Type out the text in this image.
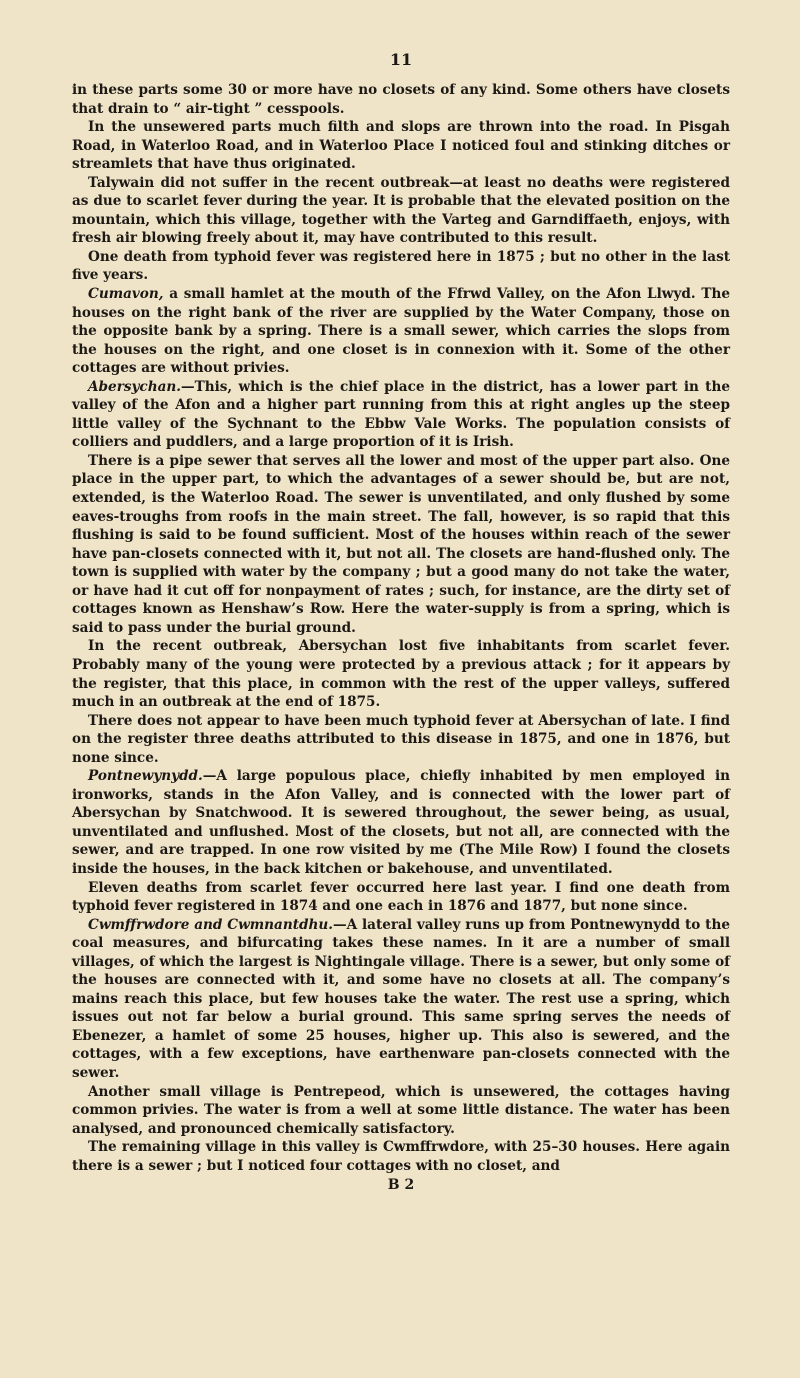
11

in these parts some 30 or more have no closets of any kind. Some others have closets that drain to “ air-tight ” cesspools.

In the unsewered parts much filth and slops are thrown into the road. In Pisgah Road, in Waterloo Road, and in Waterloo Place I noticed foul and stinking ditches or streamlets that have thus originated.

Talywain did not suffer in the recent outbreak—at least no deaths were registered as due to scarlet fever during the year. It is probable that the elevated position on the mountain, which this village, together with the Varteg and Garndiffaeth, enjoys, with fresh air blowing freely about it, may have contributed to this result.

One death from typhoid fever was registered here in 1875 ; but no other in the last five years.

Cumavon, a small hamlet at the mouth of the Ffrwd Valley, on the Afon Llwyd. The houses on the right bank of the river are supplied by the Water Company, those on the opposite bank by a spring. There is a small sewer, which carries the slops from the houses on the right, and one closet is in connexion with it. Some of the other cottages are without privies.

Abersychan.—This, which is the chief place in the district, has a lower part in the valley of the Afon and a higher part running from this at right angles up the steep little valley of the Sychnant to the Ebbw Vale Works. The population consists of colliers and puddlers, and a large proportion of it is Irish.

There is a pipe sewer that serves all the lower and most of the upper part also. One place in the upper part, to which the advantages of a sewer should be, but are not, extended, is the Waterloo Road. The sewer is unventilated, and only flushed by some eaves-troughs from roofs in the main street. The fall, however, is so rapid that this flushing is said to be found sufficient. Most of the houses within reach of the sewer have pan-closets connected with it, but not all. The closets are hand-flushed only. The town is supplied with water by the company ; but a good many do not take the water, or have had it cut off for nonpayment of rates ; such, for instance, are the dirty set of cottages known as Henshaw’s Row. Here the water-supply is from a spring, which is said to pass under the burial ground.

In the recent outbreak, Abersychan lost five inhabitants from scarlet fever. Probably many of the young were protected by a previous attack ; for it appears by the register, that this place, in common with the rest of the upper valleys, suffered much in an outbreak at the end of 1875.

There does not appear to have been much typhoid fever at Abersychan of late. I find on the register three deaths attributed to this disease in 1875, and one in 1876, but none since.

Pontnewynydd.—A large populous place, chiefly inhabited by men employed in ironworks, stands in the Afon Valley, and is connected with the lower part of Abersychan by Snatchwood. It is sewered throughout, the sewer being, as usual, unventilated and unflushed. Most of the closets, but not all, are connected with the sewer, and are trapped. In one row visited by me (The Mile Row) I found the closets inside the houses, in the back kitchen or bakehouse, and unventilated.

Eleven deaths from scarlet fever occurred here last year. I find one death from typhoid fever registered in 1874 and one each in 1876 and 1877, but none since.

Cwmffrwdore and Cwmnantdhu.—A lateral valley runs up from Pontnewynydd to the coal measures, and bifurcating takes these names. In it are a number of small villages, of which the largest is Nightingale village. There is a sewer, but only some of the houses are connected with it, and some have no closets at all. The company’s mains reach this place, but few houses take the water. The rest use a spring, which issues out not far below a burial ground. This same spring serves the needs of Ebenezer, a hamlet of some 25 houses, higher up. This also is sewered, and the cottages, with a few exceptions, have earthenware pan-closets connected with the sewer.

Another small village is Pentrepeod, which is unsewered, the cottages having common privies. The water is from a well at some little distance. The water has been analysed, and pronounced chemically satisfactory.

The remaining village in this valley is Cwmffrwdore, with 25–30 houses. Here again there is a sewer ; but I noticed four cottages with no closet, and

B 2
